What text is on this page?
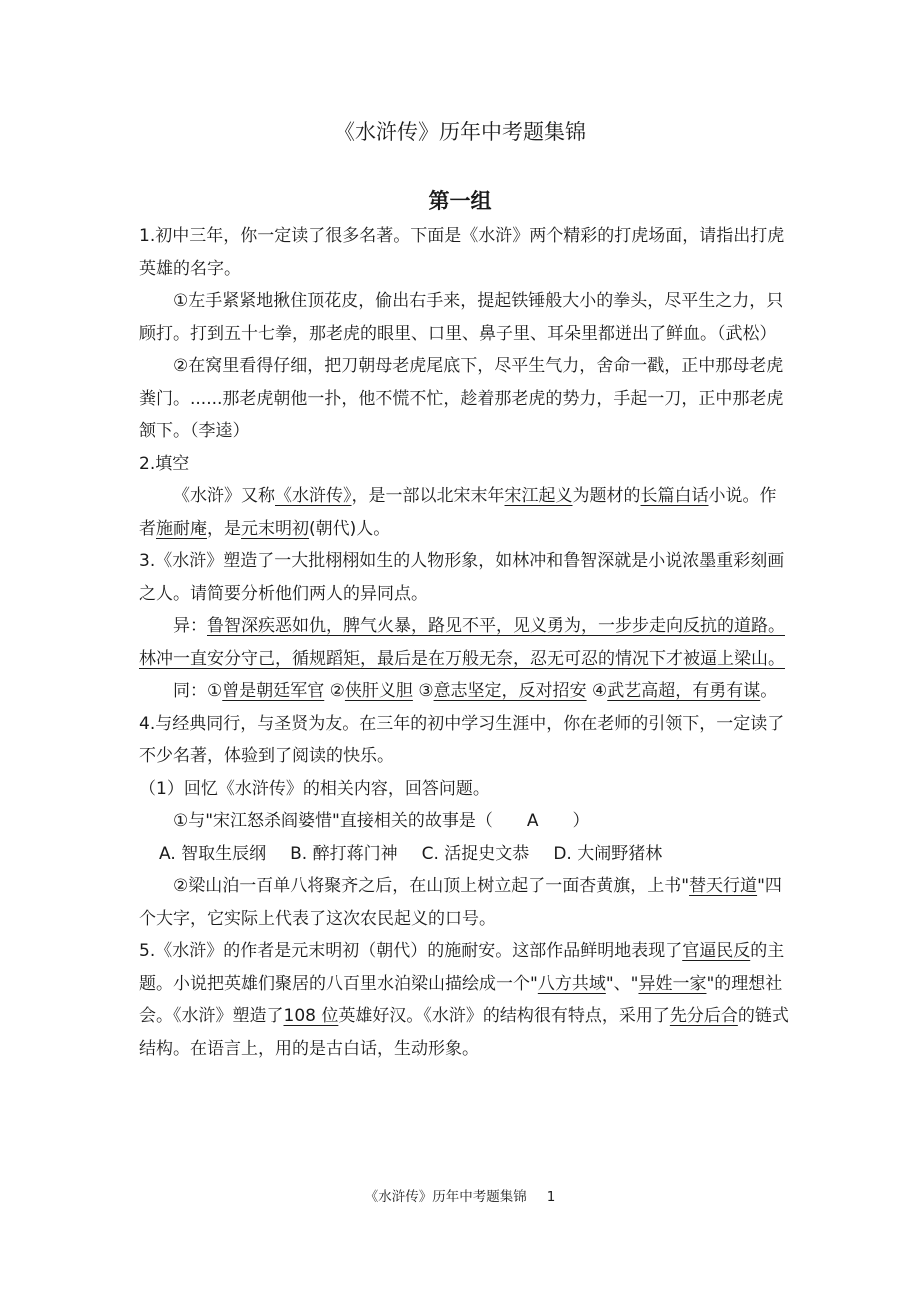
《水浒传》历年中考题集锦
第一组

1.初中三年，你一定读了很多名著。下面是《水浒》两个精彩的打虎场面，请指出打虎英雄的名字。

①左手紧紧地揪住顶花皮，偷出右手来，提起铁锤般大小的拳头，尽平生之力，只顾打。打到五十七拳，那老虎的眼里、口里、鼻子里、耳朵里都迸出了鲜血。（武松）

②在窝里看得仔细，把刀朝母老虎尾底下，尽平生气力，舍命一戳，正中那母老虎粪门。......那老虎朝他一扑，他不慌不忙，趁着那老虎的势力，手起一刀，正中那老虎颔下。（李逵）

2.填空

《水浒》又称《水浒传》，是一部以北宋末年宋江起义为题材的长篇白话小说。作者施耐庵，是元末明初(朝代)人。

3.《水浒》塑造了一大批栩栩如生的人物形象，如林冲和鲁智深就是小说浓墨重彩刻画之人。请简要分析他们两人的异同点。

异：鲁智深疾恶如仇，脾气火暴，路见不平，见义勇为，一步步走向反抗的道路。林冲一直安分守己，循规蹈矩，最后是在万般无奈，忍无可忍的情况下才被逼上梁山。

同：①曾是朝廷军官 ②侠肝义胆 ③意志坚定，反对招安 ④武艺高超，有勇有谋。

4.与经典同行，与圣贤为友。在三年的初中学习生涯中，你在老师的引领下，一定读了不少名著，体验到了阅读的快乐。

（1）回忆《水浒传》的相关内容，回答问题。

①与"宋江怒杀阎婆惜"直接相关的故事是（　　A　　）

A. 智取生辰纲 B. 醉打蒋门神 C. 活捉史文恭 D. 大闹野猪林

②梁山泊一百单八将聚齐之后，在山顶上树立起了一面杏黄旗，上书"替天行道"四个大字，它实际上代表了这次农民起义的口号。

5.《水浒》的作者是元末明初（朝代）的施耐安。这部作品鲜明地表现了官逼民反的主题。小说把英雄们聚居的八百里水泊梁山描绘成一个"八方共域"、"异姓一家"的理想社会。《水浒》塑造了108 位英雄好汉。《水浒》的结构很有特点，采用了先分后合的链式结构。在语言上，用的是古白话，生动形象。

《水浒传》历年中考题集锦 1
